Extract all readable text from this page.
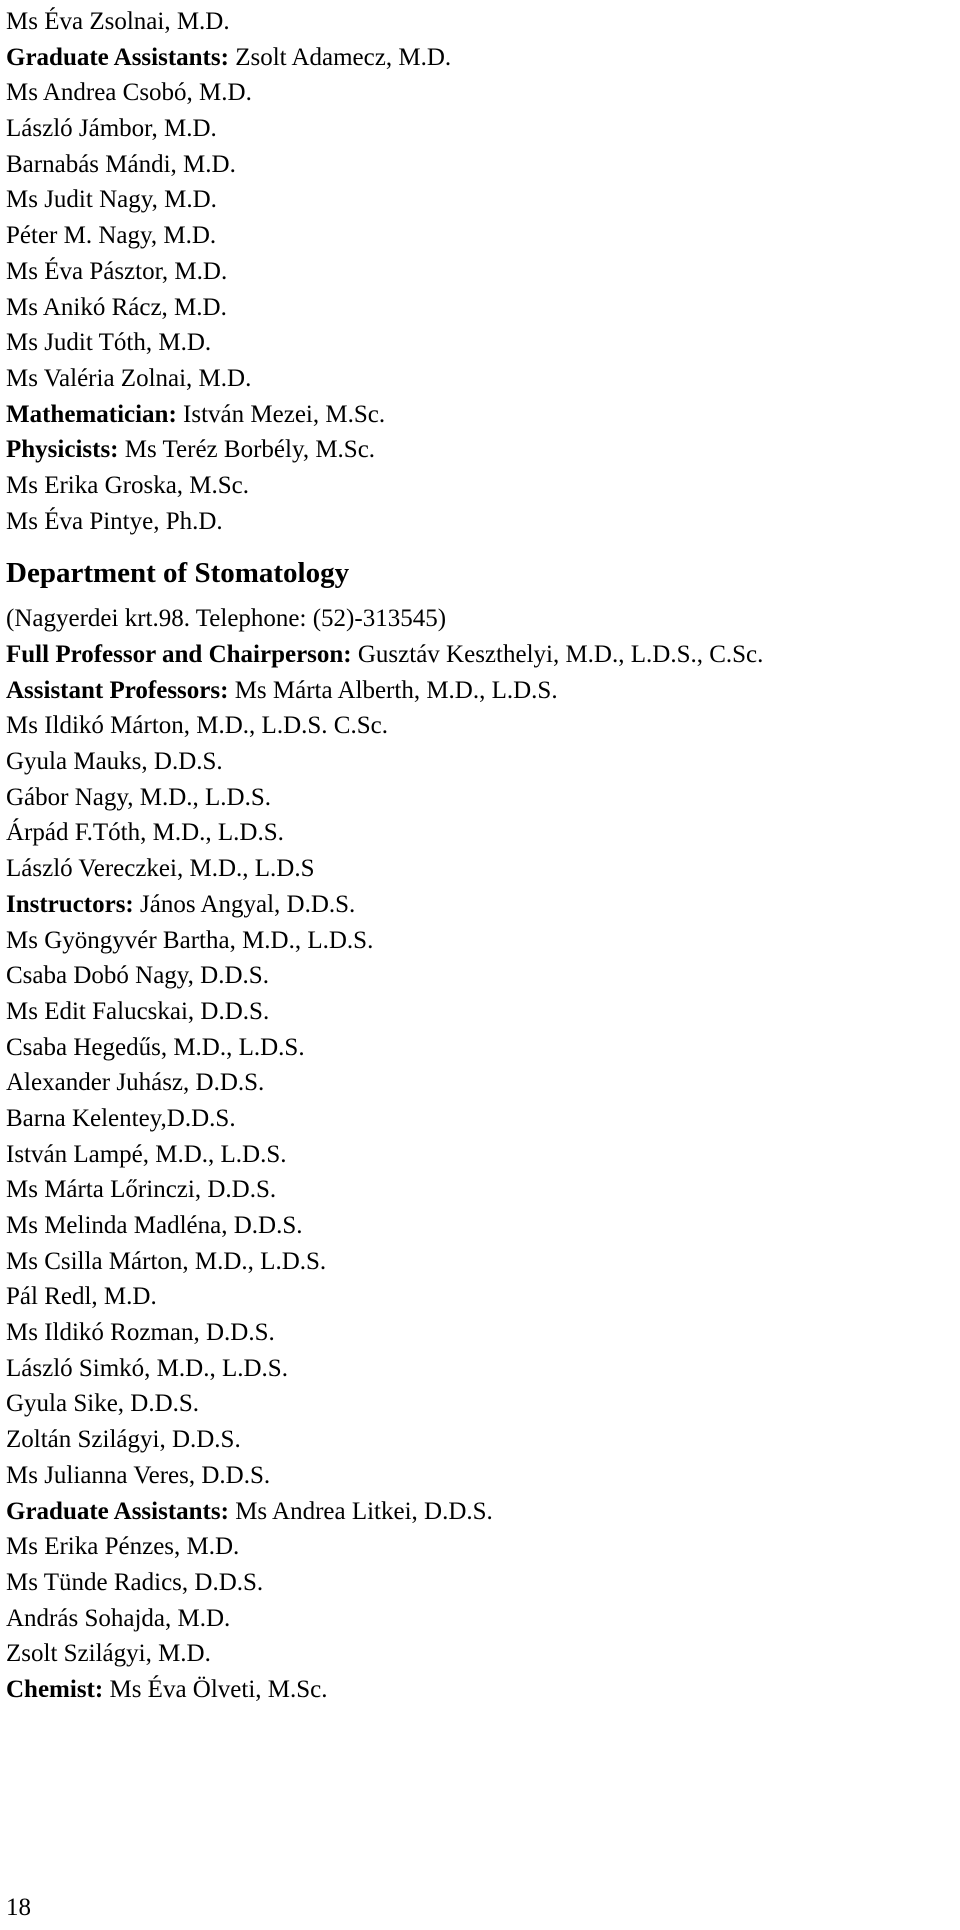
Ms Éva Zsolnai, M.D.
Graduate Assistants: Zsolt Adamecz, M.D.
Ms Andrea Csobó, M.D.
László Jámbor, M.D.
Barnabás Mándi, M.D.
Ms Judit Nagy, M.D.
Péter M. Nagy, M.D.
Ms Éva Pásztor, M.D.
Ms Anikó Rácz, M.D.
Ms Judit Tóth, M.D.
Ms Valéria Zolnai, M.D.
Mathematician: István Mezei, M.Sc.
Physicists: Ms Teréz Borbély, M.Sc.
Ms Erika Groska, M.Sc.
Ms Éva Pintye, Ph.D.
Department of Stomatology
(Nagyerdei krt.98. Telephone: (52)-313545)
Full Professor and Chairperson: Gusztáv Keszthelyi, M.D., L.D.S., C.Sc.
Assistant Professors: Ms Márta Alberth, M.D., L.D.S.
Ms Ildikó Márton, M.D., L.D.S. C.Sc.
Gyula Mauks, D.D.S.
Gábor Nagy, M.D., L.D.S.
Árpád F.Tóth, M.D., L.D.S.
László Vereczkei, M.D., L.D.S
Instructors: János Angyal, D.D.S.
Ms Gyöngyvér Bartha, M.D., L.D.S.
Csaba Dobó Nagy, D.D.S.
Ms Edit Falucskai, D.D.S.
Csaba Hegedűs, M.D., L.D.S.
Alexander Juhász, D.D.S.
Barna Kelentey,D.D.S.
István Lampé, M.D., L.D.S.
Ms Márta Lőrinczi, D.D.S.
Ms Melinda Madléna, D.D.S.
Ms Csilla Márton, M.D., L.D.S.
Pál Redl, M.D.
Ms Ildikó Rozman, D.D.S.
László Simkó, M.D., L.D.S.
Gyula Sike, D.D.S.
Zoltán Szilágyi, D.D.S.
Ms Julianna Veres, D.D.S.
Graduate Assistants: Ms Andrea Litkei, D.D.S.
Ms Erika Pénzes, M.D.
Ms Tünde Radics, D.D.S.
András Sohajda, M.D.
Zsolt Szilágyi, M.D.
Chemist: Ms Éva Ölveti, M.Sc.
18
